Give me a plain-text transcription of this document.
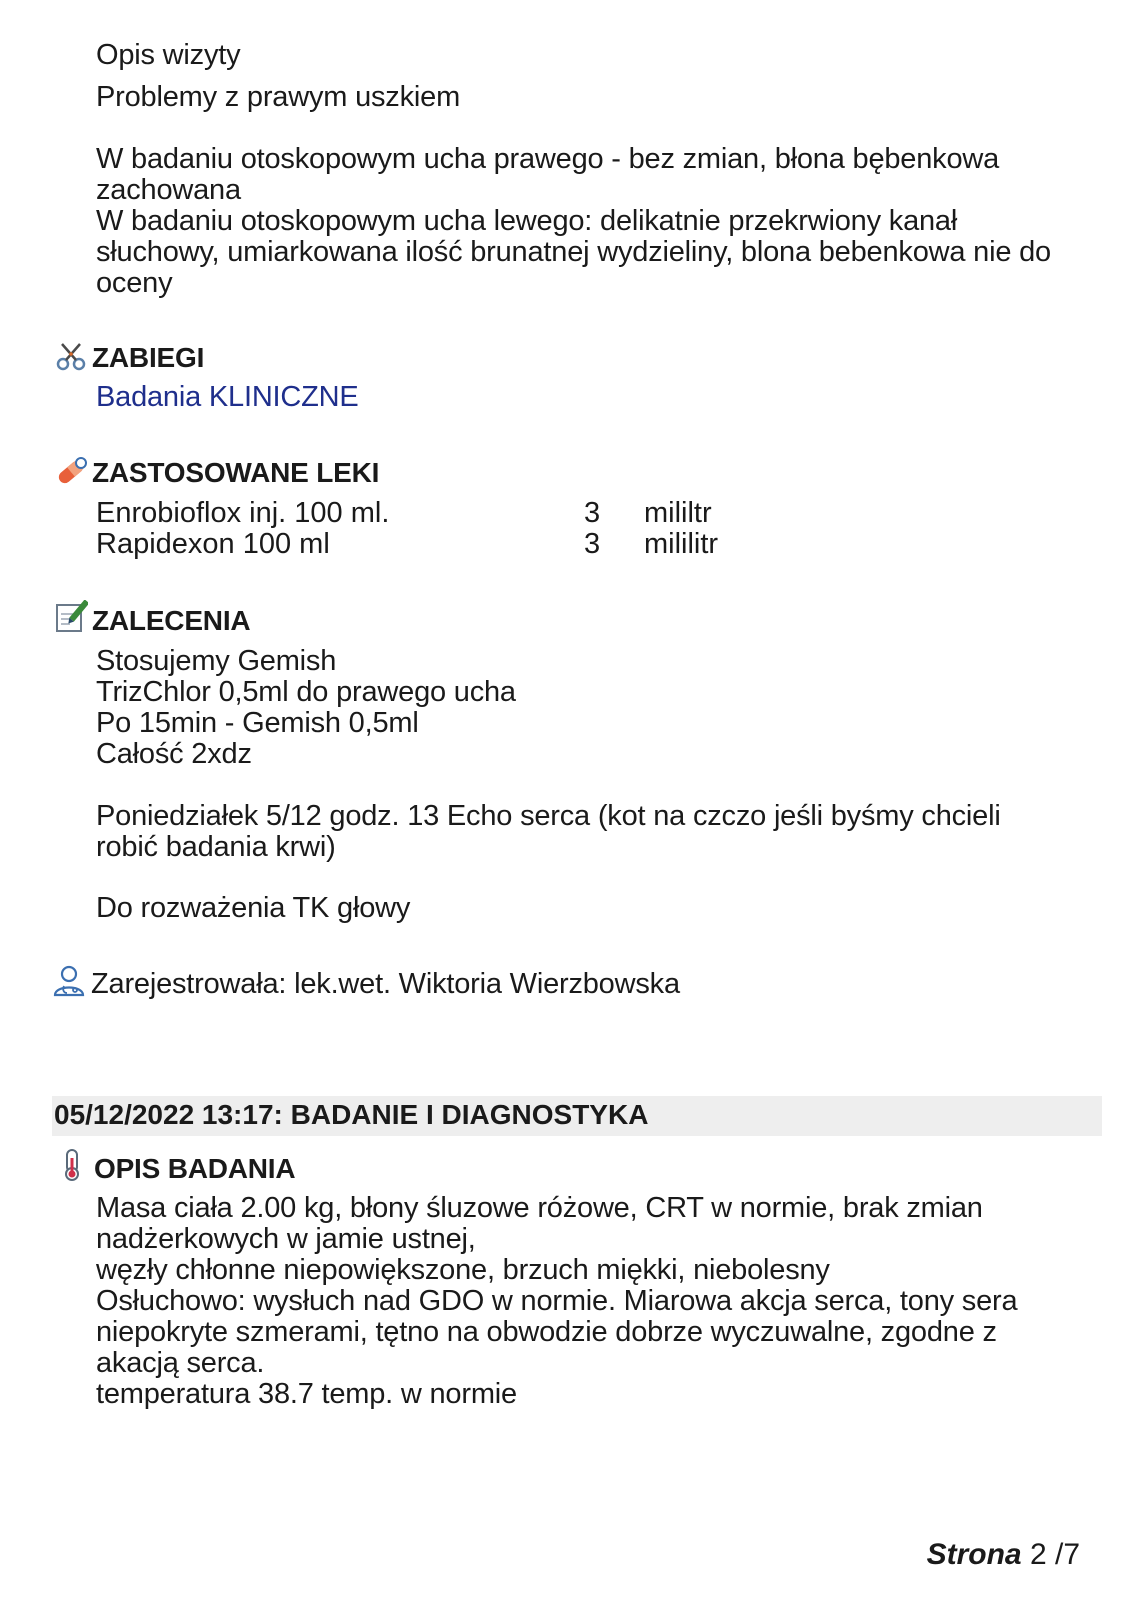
Opis wizyty
Problemy z prawym uszkiem
W badaniu otoskopowym ucha prawego - bez zmian, błona bębenkowa
zachowana
W badaniu otoskopowym ucha lewego: delikatnie przekrwiony kanał
słuchowy, umiarkowana ilość brunatnej wydzieliny, blona bebenkowa nie do
oceny
ZABIEGI
Badania KLINICZNE
ZASTOSOWANE LEKI
Enrobioflox inj. 100 ml.	3 mililtr
Rapidexon 100 ml	3 mililitr
ZALECENIA
Stosujemy Gemish
TrizChlor 0,5ml do prawego ucha
Po 15min - Gemish 0,5ml
Całość 2xdz
Poniedziałek 5/12 godz. 13 Echo serca (kot na czczo jeśli byśmy chcieli
robić badania krwi)
Do rozważenia TK głowy
Zarejestrowała: lek.wet. Wiktoria Wierzbowska
05/12/2022 13:17: BADANIE I DIAGNOSTYKA
OPIS BADANIA
Masa ciała 2.00 kg, błony śluzowe różowe, CRT w normie, brak zmian
nadżerkowych w jamie ustnej,
węzły chłonne niepowiększone, brzuch miękki, niebolesny
Osłuchowo: wysłuch nad GDO w normie. Miarowa akcja serca, tony sera
niepokryte szmerami, tętno na obwodzie dobrze wyczuwalne, zgodne z
akacją serca.
temperatura 38.7 temp. w normie
Strona 2 /7
